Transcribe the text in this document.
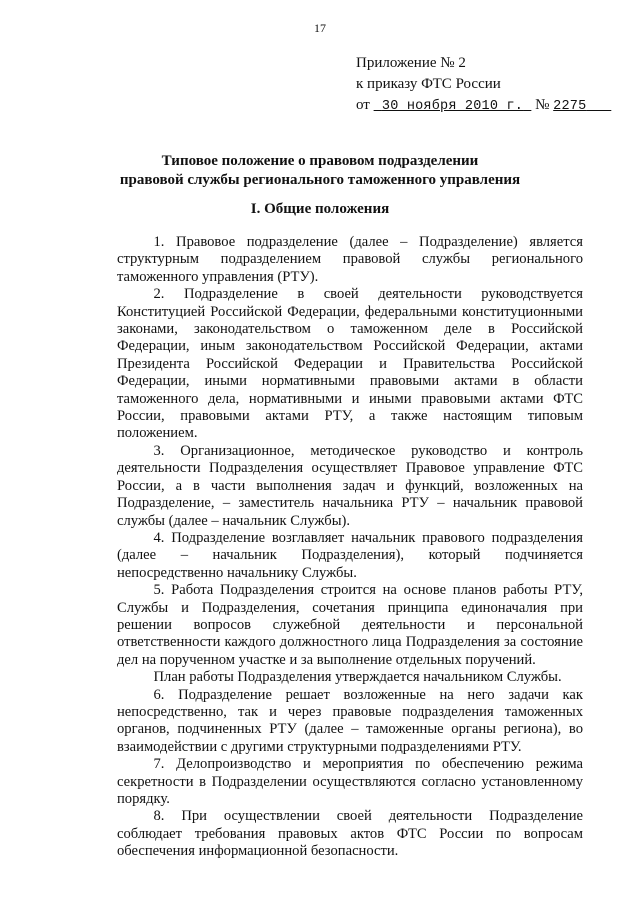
17
Приложение № 2
к приказу ФТС России
от 30 ноября 2010 г. № 2275
Типовое положение о правовом подразделении
правовой службы регионального таможенного управления
I. Общие положения

1. Правовое подразделение (далее – Подразделение) является структурным подразделением правовой службы регионального таможенного управления (РТУ).

2. Подразделение в своей деятельности руководствуется Конституцией Российской Федерации, федеральными конституционными законами, законодательством о таможенном деле в Российской Федерации, иным законодательством Российской Федерации, актами Президента Российской Федерации и Правительства Российской Федерации, иными нормативными правовыми актами в области таможенного дела, нормативными и иными правовыми актами ФТС России, правовыми актами РТУ, а также настоящим типовым положением.

3. Организационное, методическое руководство и контроль деятельности Подразделения осуществляет Правовое управление ФТС России, а в части выполнения задач и функций, возложенных на Подразделение, – заместитель начальника РТУ – начальник правовой службы (далее – начальник Службы).

4. Подразделение возглавляет начальник правового подразделения (далее – начальник Подразделения), который подчиняется непосредственно начальнику Службы.

5. Работа Подразделения строится на основе планов работы РТУ, Службы и Подразделения, сочетания принципа единоначалия при решении вопросов служебной деятельности и персональной ответственности каждого должностного лица Подразделения за состояние дел на порученном участке и за выполнение отдельных поручений.

План работы Подразделения утверждается начальником Службы.

6. Подразделение решает возложенные на него задачи как непосредственно, так и через правовые подразделения таможенных органов, подчиненных РТУ (далее – таможенные органы региона), во взаимодействии с другими структурными подразделениями РТУ.

7. Делопроизводство и мероприятия по обеспечению режима секретности в Подразделении осуществляются согласно установленному порядку.

8. При осуществлении своей деятельности Подразделение соблюдает требования правовых актов ФТС России по вопросам обеспечения информационной безопасности.
